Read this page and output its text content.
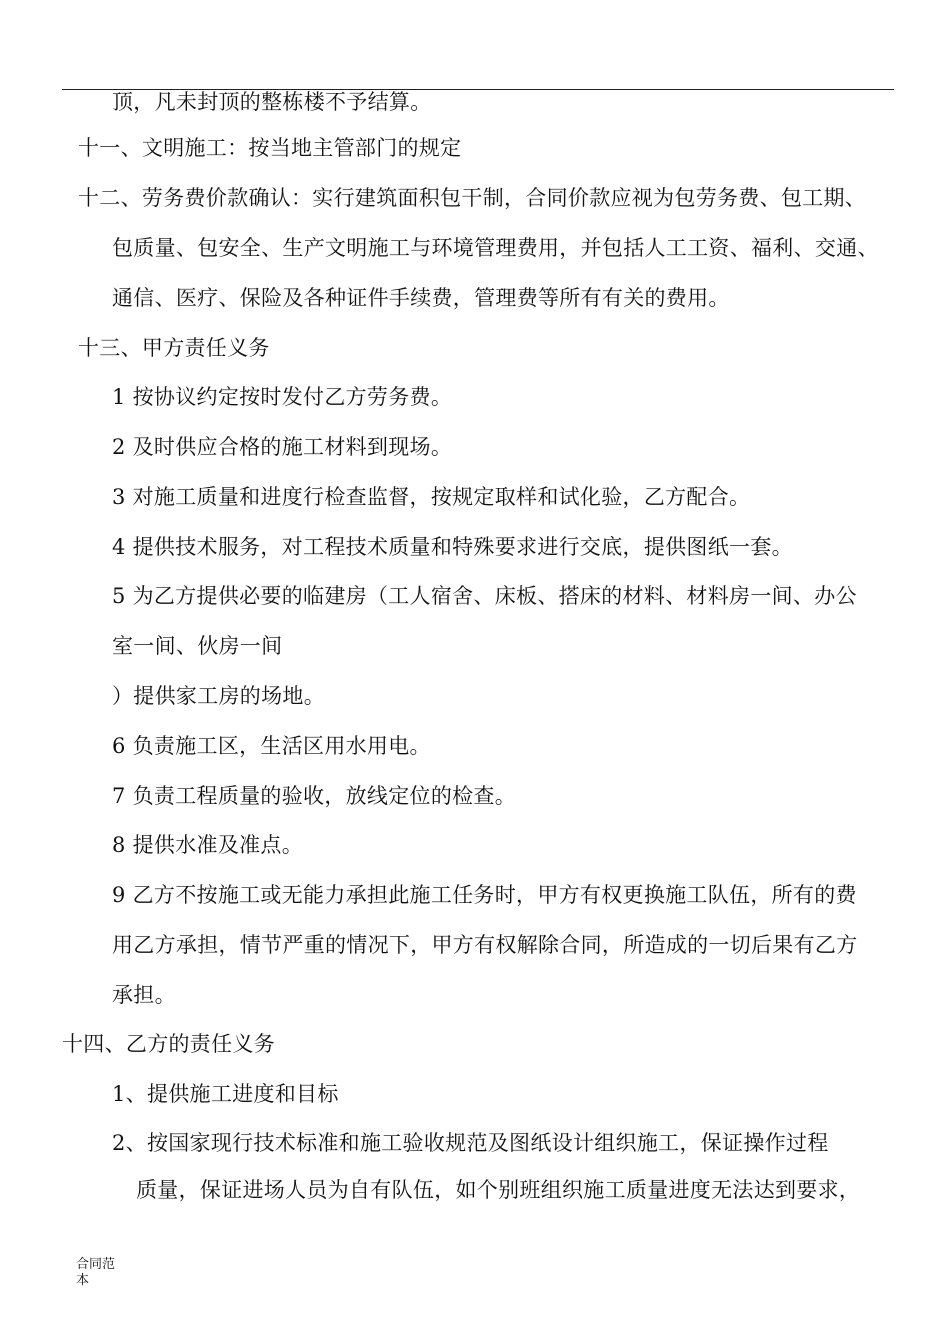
顶，凡未封顶的整栋楼不予结算。
十一、文明施工：按当地主管部门的规定
十二、劳务费价款确认：实行建筑面积包干制，合同价款应视为包劳务费、包工期、
包质量、包安全、生产文明施工与环境管理费用，并包括人工工资、福利、交通、
通信、医疗、保险及各种证件手续费，管理费等所有有关的费用。
十三、甲方责任义务
1 按协议约定按时发付乙方劳务费。
2 及时供应合格的施工材料到现场。
3 对施工质量和进度行检查监督，按规定取样和试化验，乙方配合。
4 提供技术服务，对工程技术质量和特殊要求进行交底，提供图纸一套。
5 为乙方提供必要的临建房（工人宿舍、床板、搭床的材料、材料房一间、办公
室一间、伙房一间
）提供家工房的场地。
6 负责施工区，生活区用水用电。
7 负责工程质量的验收，放线定位的检查。
8 提供水准及准点。
9 乙方不按施工或无能力承担此施工任务时，甲方有权更换施工队伍，所有的费
用乙方承担，情节严重的情况下，甲方有权解除合同，所造成的一切后果有乙方
承担。
十四、乙方的责任义务
1、提供施工进度和目标
2、按国家现行技术标准和施工验收规范及图纸设计组织施工，保证操作过程
质量，保证进场人员为自有队伍，如个别班组织施工质量进度无法达到要求，
合同范本
